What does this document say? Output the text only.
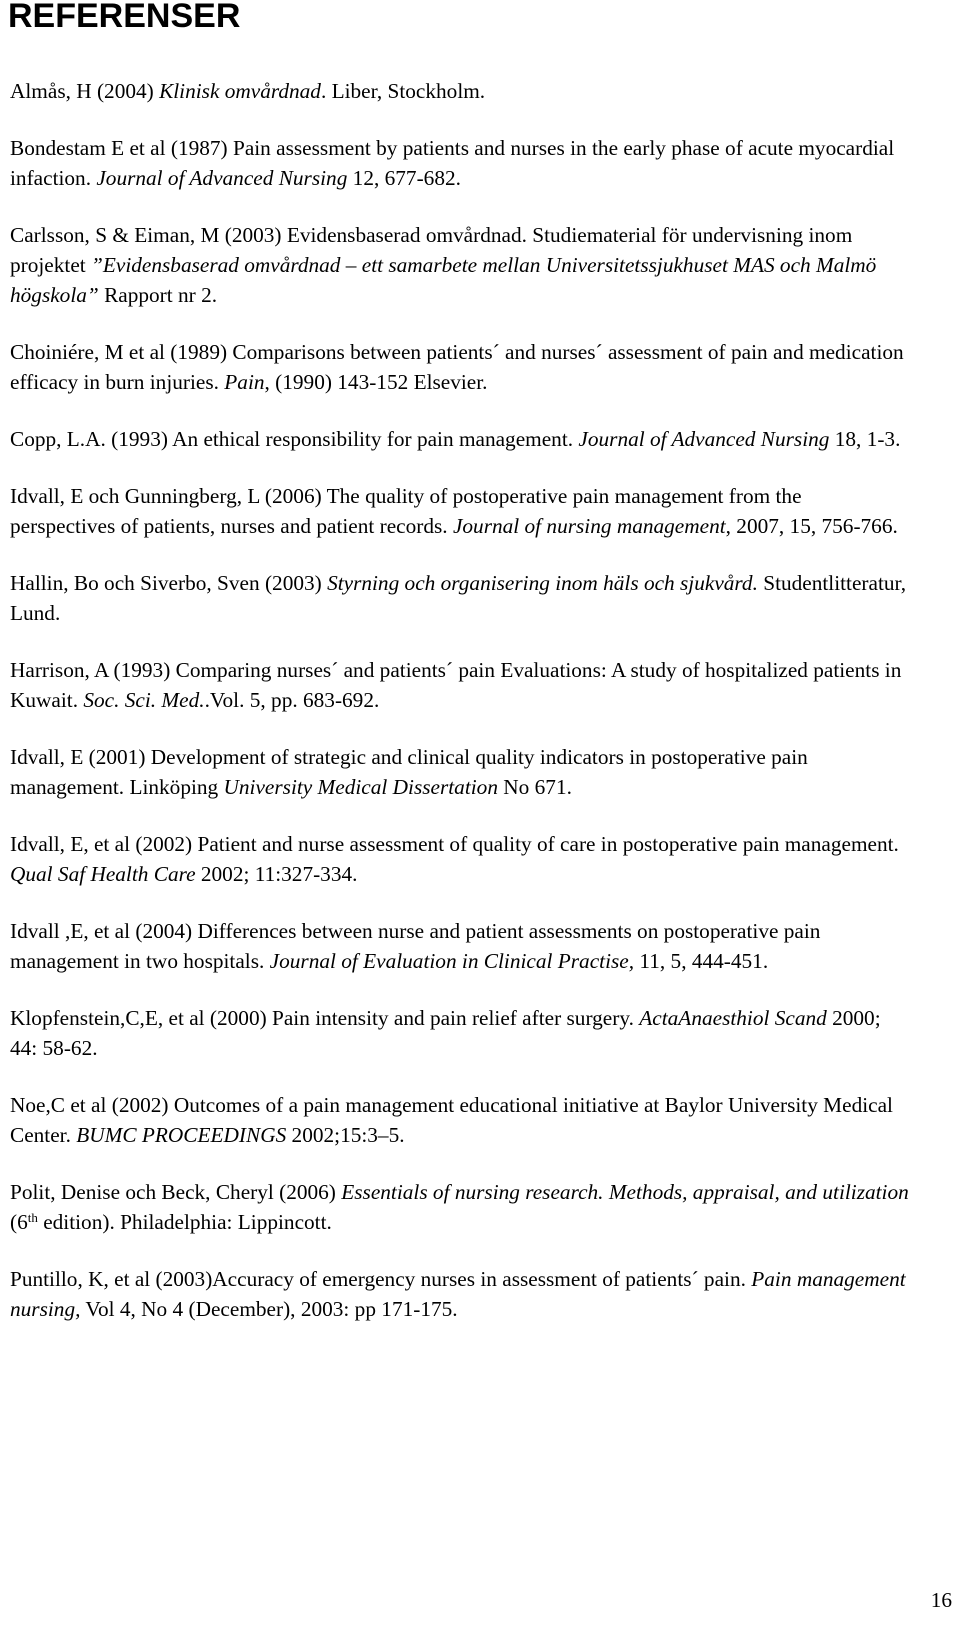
REFERENSER

Almås, H (2004) Klinisk omvårdnad. Liber, Stockholm.

Bondestam E et al (1987) Pain assessment by patients and nurses in the early phase of acute myocardial infaction. Journal of Advanced Nursing 12, 677-682.

Carlsson, S & Eiman, M (2003) Evidensbaserad omvårdnad. Studiematerial för undervisning inom projektet ”Evidensbaserad omvårdnad – ett samarbete mellan Universitetssjukhuset MAS och Malmö högskola” Rapport nr 2.

Choiniére, M et al (1989) Comparisons between patients´ and nurses´ assessment of pain and medication efficacy in burn injuries. Pain, (1990) 143-152 Elsevier.

Copp, L.A. (1993) An ethical responsibility for pain management. Journal of Advanced Nursing 18, 1-3.

Idvall, E och Gunningberg, L (2006) The quality of postoperative pain management from the perspectives of patients, nurses and patient records. Journal of nursing management, 2007, 15, 756-766.

Hallin, Bo och Siverbo, Sven (2003) Styrning och organisering inom häls och sjukvård. Studentlitteratur, Lund.

Harrison, A (1993) Comparing nurses´ and patients´ pain Evaluations: A study of hospitalized patients in Kuwait. Soc. Sci. Med..Vol. 5, pp. 683-692.

Idvall, E (2001) Development of strategic and clinical quality indicators in postoperative pain management. Linköping University Medical Dissertation No 671.

Idvall, E, et al (2002) Patient and nurse assessment of quality of care in postoperative pain management. Qual Saf Health Care 2002; 11:327-334.

Idvall ,E, et al (2004) Differences between nurse and patient assessments on postoperative pain management in two hospitals. Journal of Evaluation in Clinical Practise, 11, 5, 444-451.

Klopfenstein,C,E, et al (2000) Pain intensity and pain relief after surgery. ActaAnaesthiol Scand 2000; 44: 58-62.

Noe,C et al (2002) Outcomes of a pain management educational initiative at Baylor University Medical Center. BUMC PROCEEDINGS 2002;15:3–5.

Polit, Denise och Beck, Cheryl (2006) Essentials of nursing research. Methods, appraisal, and utilization (6th edition). Philadelphia: Lippincott.

Puntillo, K, et al (2003)Accuracy of emergency nurses in assessment of patients´ pain. Pain management nursing, Vol 4, No 4 (December), 2003: pp 171-175.

16
